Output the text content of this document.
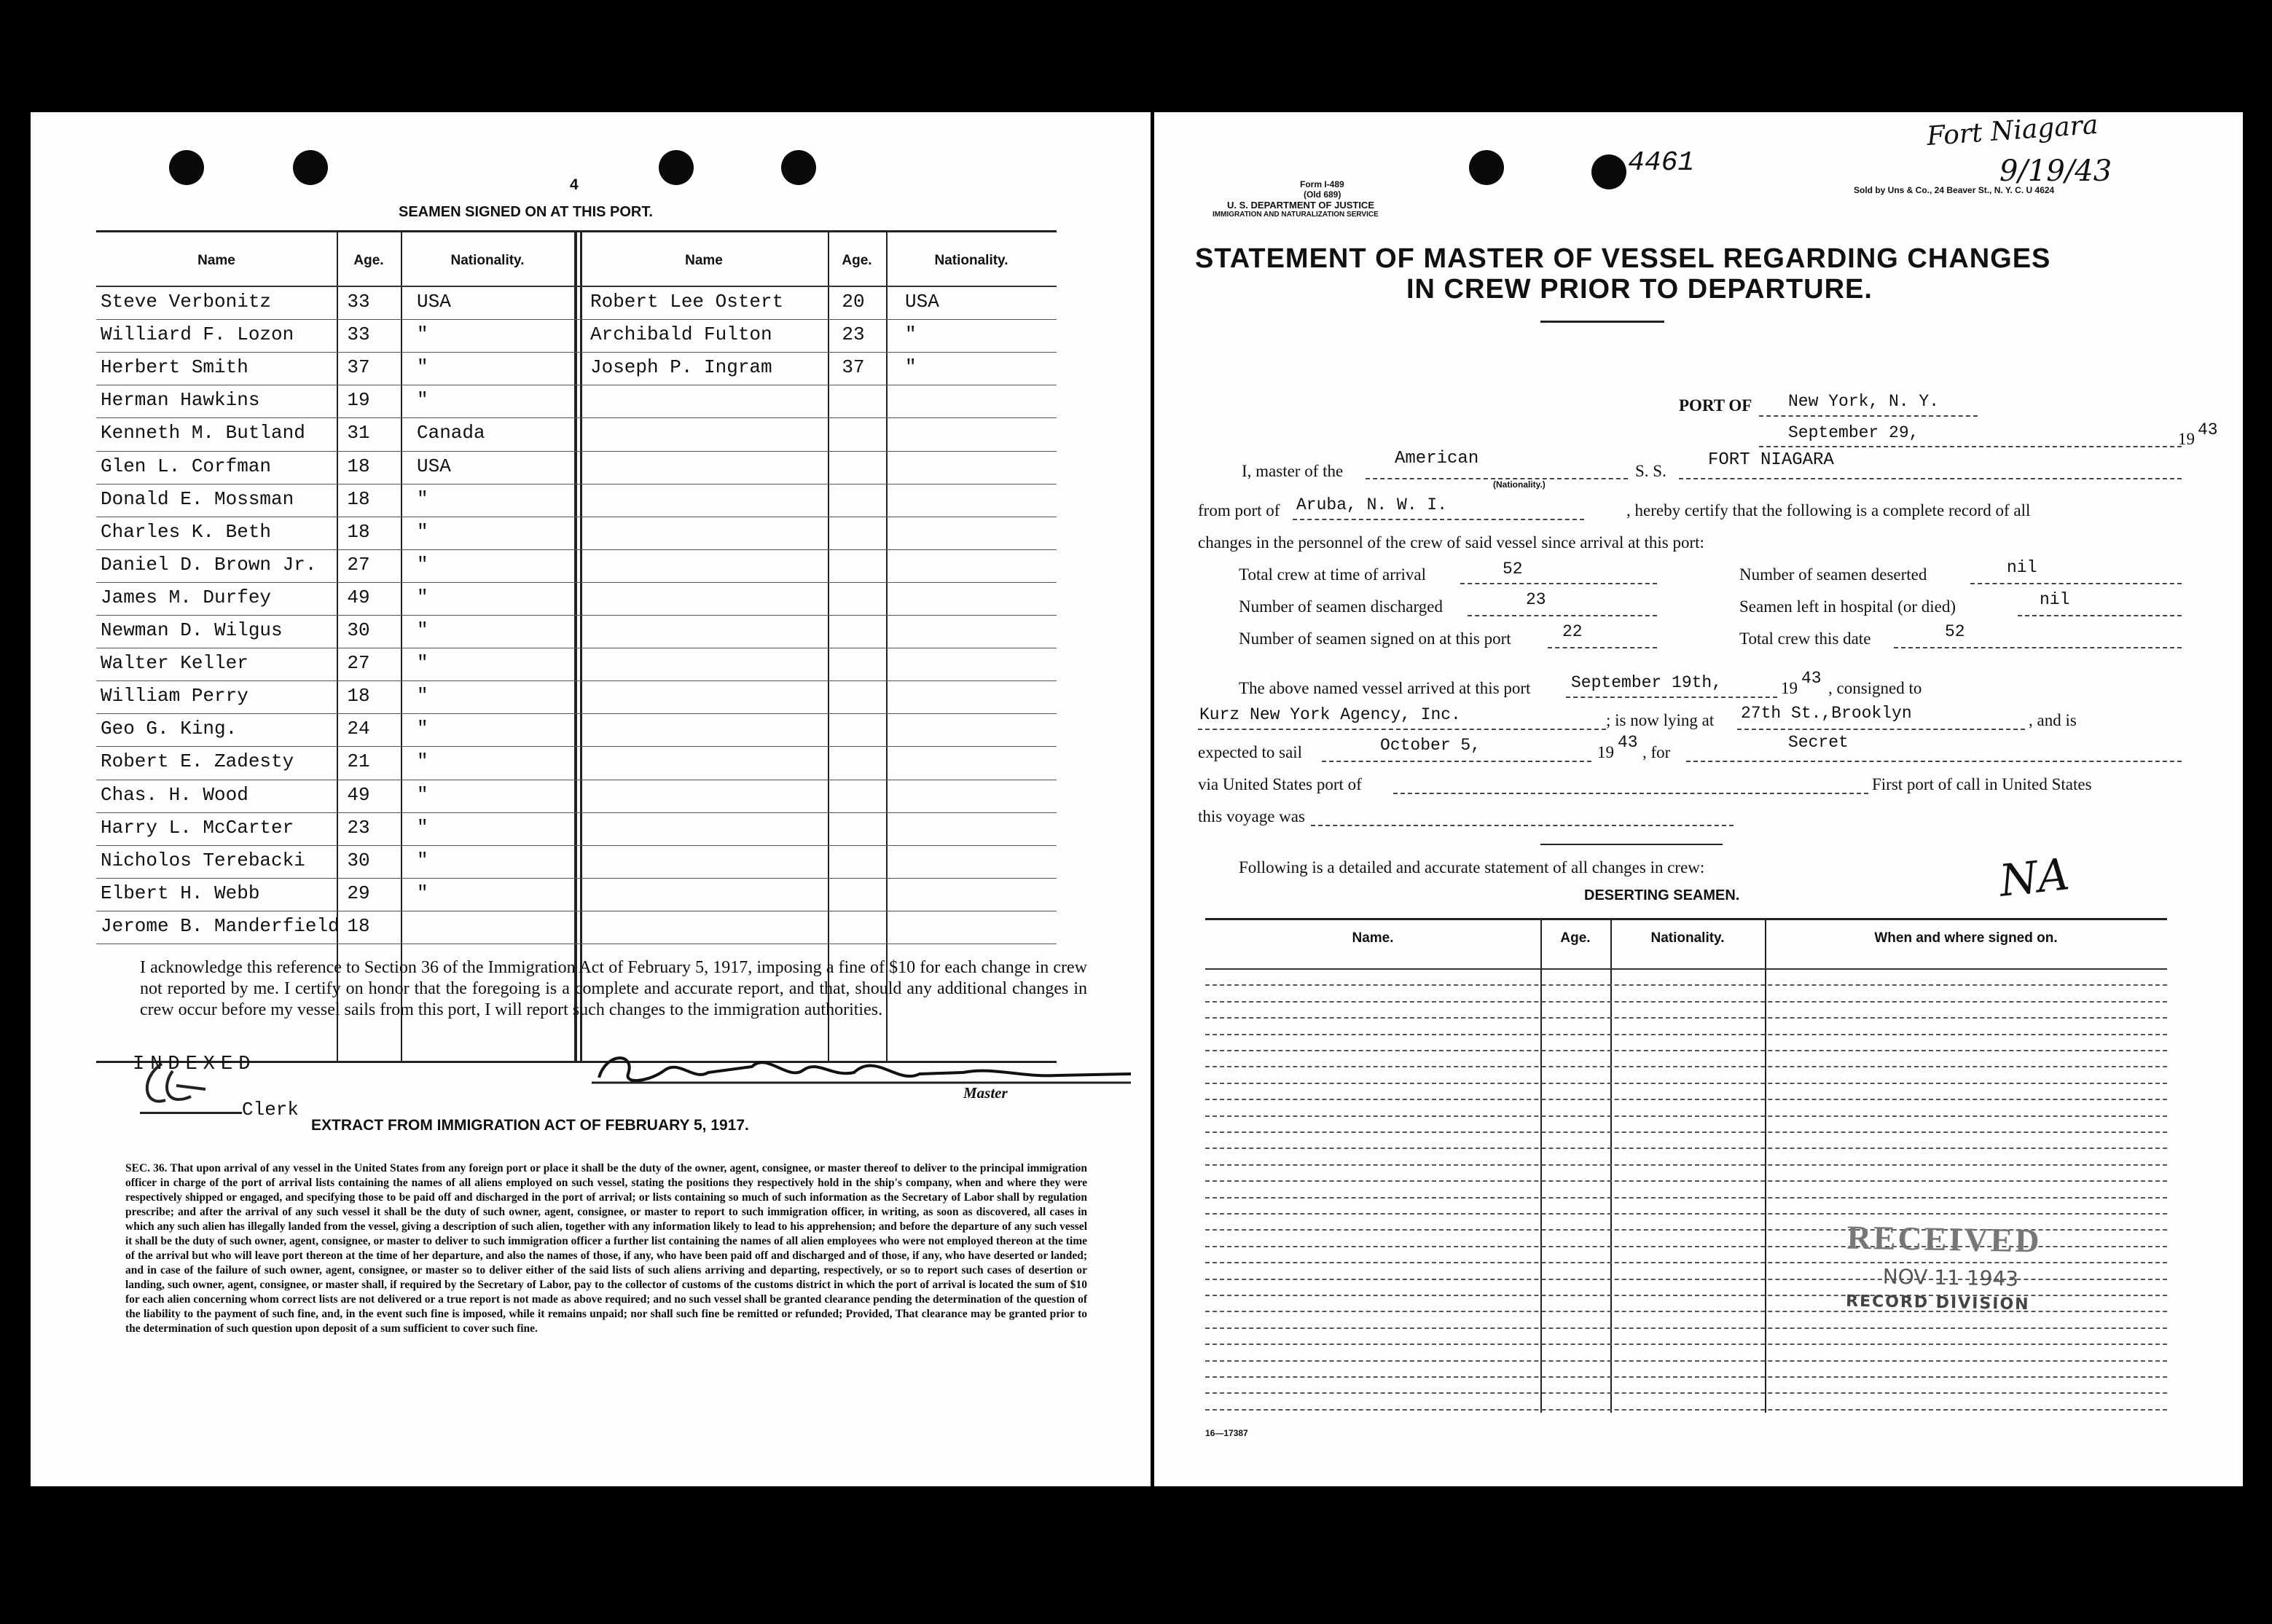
4
SEAMEN SIGNED ON AT THIS PORT.
Name	Age.	Nationality.	Name	Age.	Nationality.
Steve Verbonitz	33	USA	Robert Lee Ostert	20	USA
Williard F. Lozon	33	"	Archibald Fulton	23	"
Herbert Smith	37	"	Joseph P. Ingram	37	"
Herman Hawkins	19	"
Kenneth M. Butland	31	Canada
Glen L. Corfman	18	USA
Donald E. Mossman	18	"
Charles K. Beth	18	"
Daniel D. Brown Jr.	27	"
James M. Durfey	49	"
Newman D. Wilgus	30	"
Walter Keller	27	"
William Perry	18	"
Geo G. King.	24	"
Robert E. Zadesty	21	"
Chas. H. Wood	49	"
Harry L. McCarter	23	"
Nicholos Terebacki	30	"
Elbert H. Webb	29	"
Jerome B. Manderfield 18
I acknowledge this reference to Section 36 of the Immigration Act of February 5, 1917, imposing a fine of $10 for each change in crew not reported by me. I certify on honor that the foregoing is a complete and accurate report, and that, should any additional changes in crew occur before my vessel sails from this port, I will report such changes to the immigration authorities.
INDEXED
Clerk
Master
EXTRACT FROM IMMIGRATION ACT OF FEBRUARY 5, 1917.
SEC. 36. That upon arrival of any vessel in the United States from any foreign port or place it shall be the duty of the owner, agent, consignee, or master thereof to deliver to the principal immigration officer in charge of the port of arrival lists containing the names of all aliens employed on such vessel, stating the positions they respectively hold in the ship's company, when and where they were respectively shipped or engaged, and specifying those to be paid off and discharged in the port of arrival; or lists containing so much of such information as the Secretary of Labor shall by regulation prescribe; and after the arrival of any such vessel it shall be the duty of such owner, agent, consignee, or master to report to such immigration officer, in writing, as soon as discovered, all cases in which any such alien has illegally landed from the vessel, giving a description of such alien, together with any information likely to lead to his apprehension; and before the departure of any such vessel it shall be the duty of such owner, agent, consignee, or master to deliver to such immigration officer a further list containing the names of all alien employees who were not employed thereon at the time of the arrival but who will leave port thereon at the time of her departure, and also the names of those, if any, who have been paid off and discharged and of those, if any, who have deserted or landed; and in case of the failure of such owner, agent, consignee, or master so to deliver either of the said lists of such aliens arriving and departing, respectively, or so to report such cases of desertion or landing, such owner, agent, consignee, or master shall, if required by the Secretary of Labor, pay to the collector of customs of the customs district in which the port of arrival is located the sum of $10 for each alien concerning whom correct lists are not delivered or a true report is not made as above required; and no such vessel shall be granted clearance pending the determination of the question of the liability to the payment of such fine, and, in the event such fine is imposed, while it remains unpaid; nor shall such fine be remitted or refunded; Provided, That clearance may be granted prior to the determination of such question upon deposit of a sum sufficient to cover such fine.
4461
Fort Niagara
9/19/43
Form I-489
(Old 689)
U. S. DEPARTMENT OF JUSTICE
IMMIGRATION AND NATURALIZATION SERVICE
Sold by Uns & Co., 24 Beaver St., N. Y. C. U 4624
STATEMENT OF MASTER OF VESSEL REGARDING CHANGES
IN CREW PRIOR TO DEPARTURE.
PORT OF New York, N. Y.
September 29,	19 43
I, master of the
American
(Nationality.)
S. S.
FORT NIAGARA
from port of Aruba, N. W. I.	, hereby certify that the following is a complete record of all
changes in the personnel of the crew of said vessel since arrival at this port:
Total crew at time of arrival	52	Number of seamen deserted	nil
Number of seamen discharged	23	Seamen left in hospital (or died)	nil
Number of seamen signed on at this port	22	Total crew this date	52
The above named vessel arrived at this port September 19th,	19
43
, consigned to
Kurz New York Agency, Inc.	; is now lying at 27th St.,Brooklyn	, and is
expected to sail	October 5,	19
43
, for
Secret
via United States port of	First port of call in United States
this voyage was
Following is a detailed and accurate statement of all changes in crew:	NA
DESERTING SEAMEN.
Name.	Age.	Nationality.	When and where signed on.
RECEIVED
NOV 11 1943
RECORD DIVISION
16—17387
